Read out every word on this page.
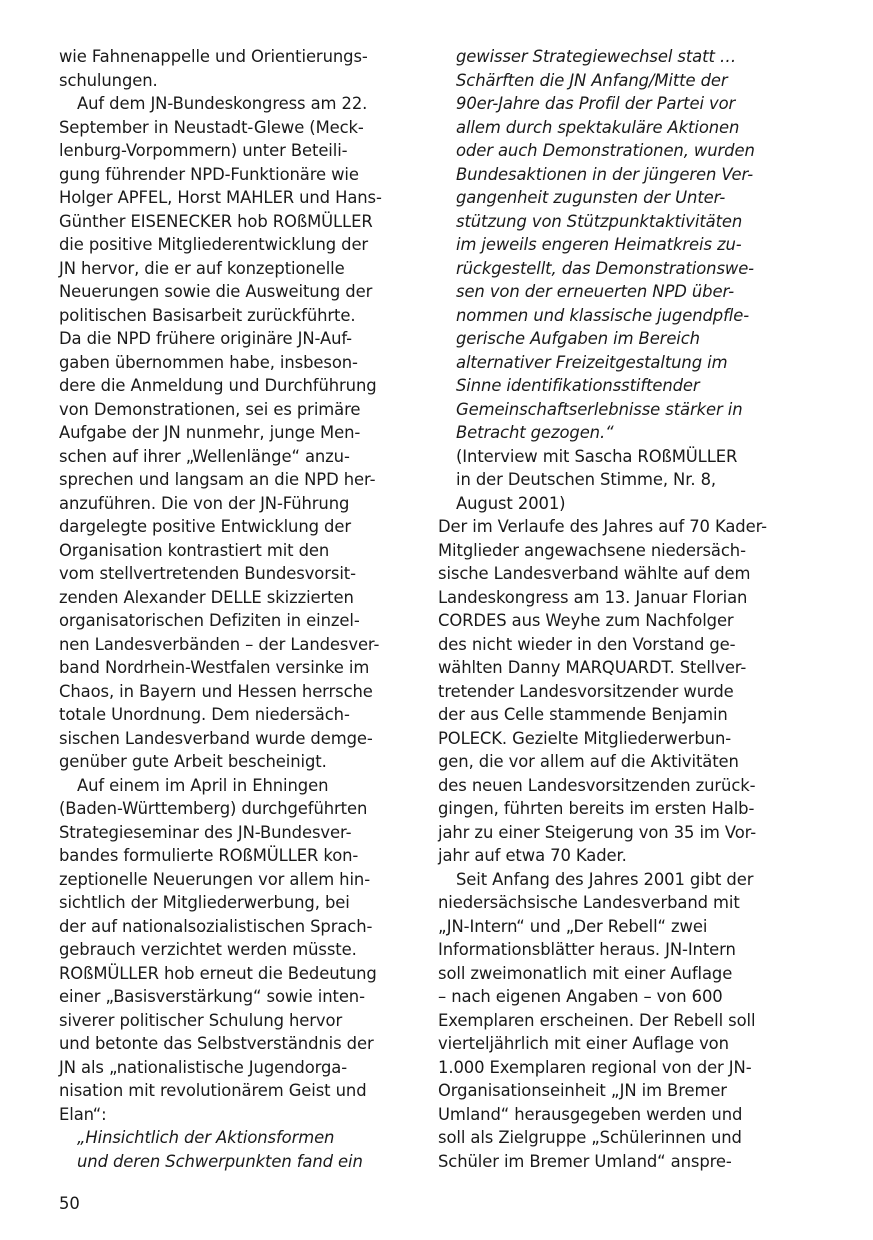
wie Fahnenappelle und Orientierungs-
schulungen.
Auf dem JN-Bundeskongress am 22.
September in Neustadt-Glewe (Meck-
lenburg-Vorpommern) unter Beteili-
gung führender NPD-Funktionäre wie
Holger APFEL, Horst MAHLER und Hans-
Günther EISENECKER hob ROßMÜLLER
die positive Mitgliederentwicklung der
JN hervor, die er auf konzeptionelle
Neuerungen sowie die Ausweitung der
politischen Basisarbeit zurückführte.
Da die NPD frühere originäre JN-Auf-
gaben übernommen habe, insbeson-
dere die Anmeldung und Durchführung
von Demonstrationen, sei es primäre
Aufgabe der JN nunmehr, junge Men-
schen auf ihrer „Wellenlänge“ anzu-
sprechen und langsam an die NPD her-
anzuführen. Die von der JN-Führung
dargelegte positive Entwicklung der
Organisation kontrastiert mit den
vom stellvertretenden Bundesvorsit-
zenden Alexander DELLE skizzierten
organisatorischen Defiziten in einzel-
nen Landesverbänden – der Landesver-
band Nordrhein-Westfalen versinke im
Chaos, in Bayern und Hessen herrsche
totale Unordnung. Dem niedersäch-
sischen Landesverband wurde demge-
genüber gute Arbeit bescheinigt.
Auf einem im April in Ehningen
(Baden-Württemberg) durchgeführten
Strategieseminar des JN-Bundesver-
bandes formulierte ROßMÜLLER kon-
zeptionelle Neuerungen vor allem hin-
sichtlich der Mitgliederwerbung, bei
der auf nationalsozialistischen Sprach-
gebrauch verzichtet werden müsste.
ROßMÜLLER hob erneut die Bedeutung
einer „Basisverstärkung“ sowie inten-
siverer politischer Schulung hervor
und betonte das Selbstverständnis der
JN als „nationalistische Jugendorga-
nisation mit revolutionärem Geist und
Elan“:
„Hinsichtlich der Aktionsformen
und deren Schwerpunkten fand ein
gewisser Strategiewechsel statt …
Schärften die JN Anfang/Mitte der
90er-Jahre das Profil der Partei vor
allem durch spektakuläre Aktionen
oder auch Demonstrationen, wurden
Bundesaktionen in der jüngeren Ver-
gangenheit zugunsten der Unter-
stützung von Stützpunktaktivitäten
im jeweils engeren Heimatkreis zu-
rückgestellt, das Demonstrationswe-
sen von der erneuerten NPD über-
nommen und klassische jugendpfle-
gerische Aufgaben im Bereich
alternativer Freizeitgestaltung im
Sinne identifikationsstiftender
Gemeinschaftserlebnisse stärker in
Betracht gezogen.“
(Interview mit Sascha ROßMÜLLER
in der Deutschen Stimme, Nr. 8,
August 2001)
Der im Verlaufe des Jahres auf 70 Kader-
Mitglieder angewachsene niedersäch-
sische Landesverband wählte auf dem
Landeskongress am 13. Januar Florian
CORDES aus Weyhe zum Nachfolger
des nicht wieder in den Vorstand ge-
wählten Danny MARQUARDT. Stellver-
tretender Landesvorsitzender wurde
der aus Celle stammende Benjamin
POLECK. Gezielte Mitgliederwerbun-
gen, die vor allem auf die Aktivitäten
des neuen Landesvorsitzenden zurück-
gingen, führten bereits im ersten Halb-
jahr zu einer Steigerung von 35 im Vor-
jahr auf etwa 70 Kader.
Seit Anfang des Jahres 2001 gibt der
niedersächsische Landesverband mit
„JN-Intern“ und „Der Rebell“ zwei
Informationsblätter heraus. JN-Intern
soll zweimonatlich mit einer Auflage
– nach eigenen Angaben – von 600
Exemplaren erscheinen. Der Rebell soll
vierteljährlich mit einer Auflage von
1.000 Exemplaren regional von der JN-
Organisationseinheit „JN im Bremer
Umland“ herausgegeben werden und
soll als Zielgruppe „Schülerinnen und
Schüler im Bremer Umland“ anspre-
50
